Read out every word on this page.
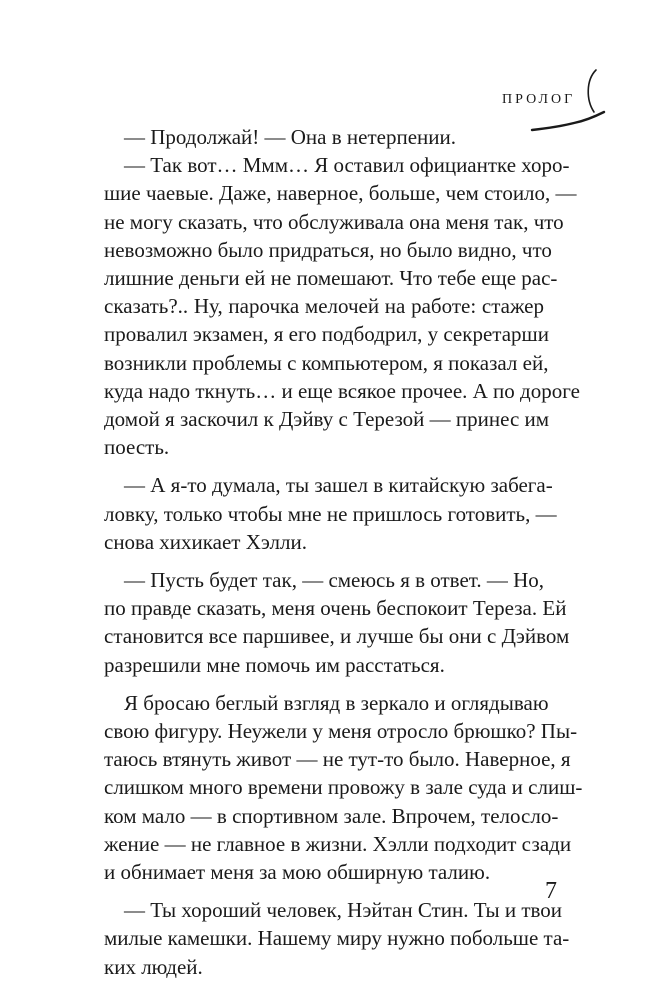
ПРОЛОГ

— Продолжай! — Она в нетерпении.

— Так вот… Ммм… Я оставил официантке хоро-
шие чаевые. Даже, наверное, больше, чем стоило, —
не могу сказать, что обслуживала она меня так, что
невозможно было придраться, но было видно, что
лишние деньги ей не помешают. Что тебе еще рас-
сказать?.. Ну, парочка мелочей на работе: стажер
провалил экзамен, я его подбодрил, у секретарши
возникли проблемы с компьютером, я показал ей,
куда надо ткнуть… и еще всякое прочее. А по дороге
домой я заскочил к Дэйву с Терезой — принес им
поесть.

— А я-то думала, ты зашел в китайскую забега-
ловку, только чтобы мне не пришлось готовить, —
снова хихикает Хэлли.

— Пусть будет так, — смеюсь я в ответ. — Но,
по правде сказать, меня очень беспокоит Тереза. Ей
становится все паршивее, и лучше бы они с Дэйвом
разрешили мне помочь им расстаться.

Я бросаю беглый взгляд в зеркало и оглядываю
свою фигуру. Неужели у меня отросло брюшко? Пы-
таюсь втянуть живот — не тут-то было. Наверное, я
слишком много времени провожу в зале суда и слиш-
ком мало — в спортивном зале. Впрочем, телосло-
жение — не главное в жизни. Хэлли подходит сзади
и обнимает меня за мою обширную талию.

— Ты хороший человек, Нэйтан Стин. Ты и твои
милые камешки. Нашему миру нужно побольше та-
ких людей.

7
